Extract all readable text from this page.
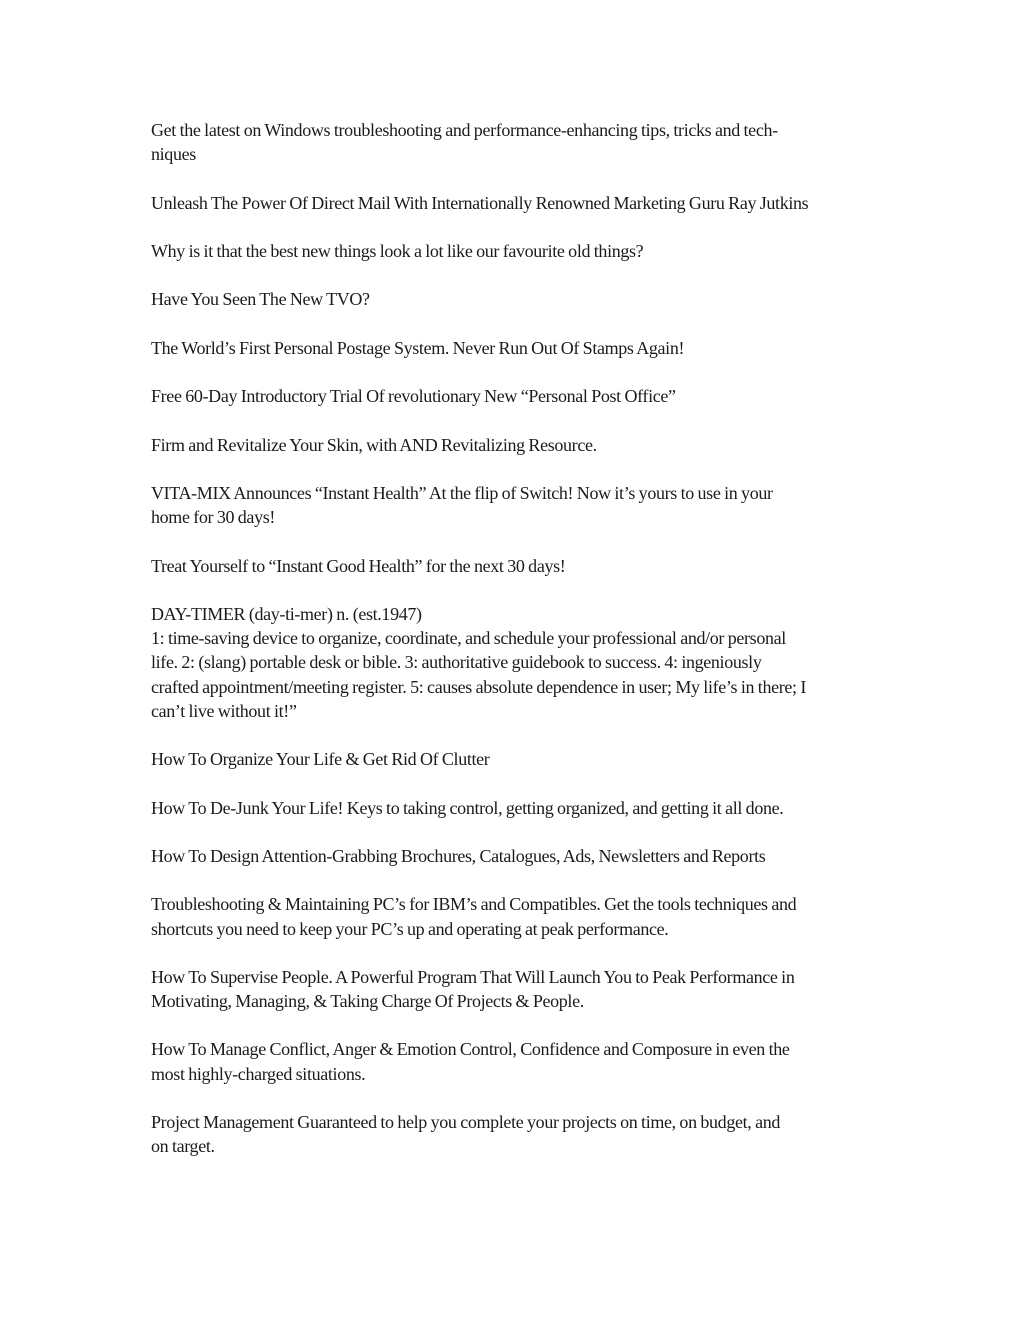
Get the latest on Windows troubleshooting and performance-enhancing tips, tricks and tech-
niques

Unleash The Power Of Direct Mail With Internationally Renowned Marketing Guru Ray Jutkins

Why is it that the best new things look a lot like our favourite old things?

Have You Seen The New TVO?

The World’s First Personal Postage System. Never Run Out Of Stamps Again!

Free 60-Day Introductory Trial Of revolutionary New “Personal Post Office”

Firm and Revitalize Your Skin, with AND Revitalizing Resource.

VITA-MIX Announces “Instant Health” At the flip of Switch! Now it’s yours to use in your
home for 30 days!

Treat Yourself to “Instant Good Health” for the next 30 days!

DAY-TIMER (day-ti-mer) n. (est.1947)
1: time-saving device to organize, coordinate, and schedule your professional and/or personal
life. 2: (slang) portable desk or bible. 3: authoritative guidebook to success. 4: ingeniously
crafted appointment/meeting register. 5: causes absolute dependence in user; My life’s in there; I
can’t live without it!”

How To Organize Your Life & Get Rid Of Clutter

How To De-Junk Your Life! Keys to taking control, getting organized, and getting it all done.

How To Design Attention-Grabbing Brochures, Catalogues, Ads, Newsletters and Reports

Troubleshooting & Maintaining PC’s for IBM’s and Compatibles. Get the tools techniques and
shortcuts you need to keep your PC’s up and operating at peak performance.

How To Supervise People. A Powerful Program That Will Launch You to Peak Performance in
Motivating, Managing, & Taking Charge Of Projects & People.

How To Manage Conflict, Anger & Emotion Control, Confidence and Composure in even the
most highly-charged situations.

Project Management Guaranteed to help you complete your projects on time, on budget, and
on target.
